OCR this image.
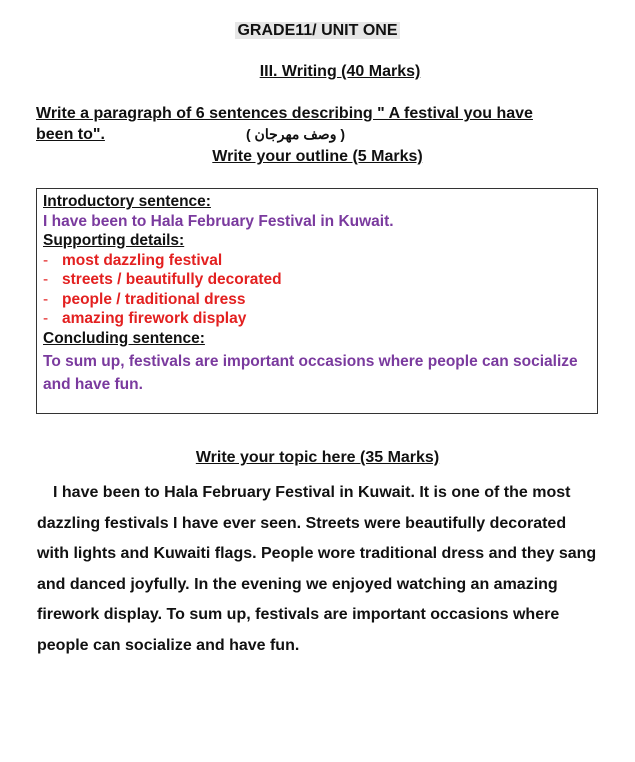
GRADE11/ UNIT ONE
III. Writing (40 Marks)
Write a paragraph of 6 sentences describing " A festival you have
been to".	( وصف مهرجان )
Write your outline (5 Marks)
Introductory sentence:
I have been to Hala February Festival in Kuwait.
Supporting details:
- most dazzling festival
- streets / beautifully decorated
- people / traditional dress
- amazing firework display
Concluding sentence:
To sum up, festivals are important occasions where people can socialize and have fun.
Write your topic here (35 Marks)
I have been to Hala February Festival in Kuwait. It is one of the most dazzling festivals I have ever seen. Streets were beautifully decorated with lights and Kuwaiti flags. People wore traditional dress and they sang and danced joyfully. In the evening we enjoyed watching an amazing firework display. To sum up, festivals are important occasions where people can socialize and have fun.
